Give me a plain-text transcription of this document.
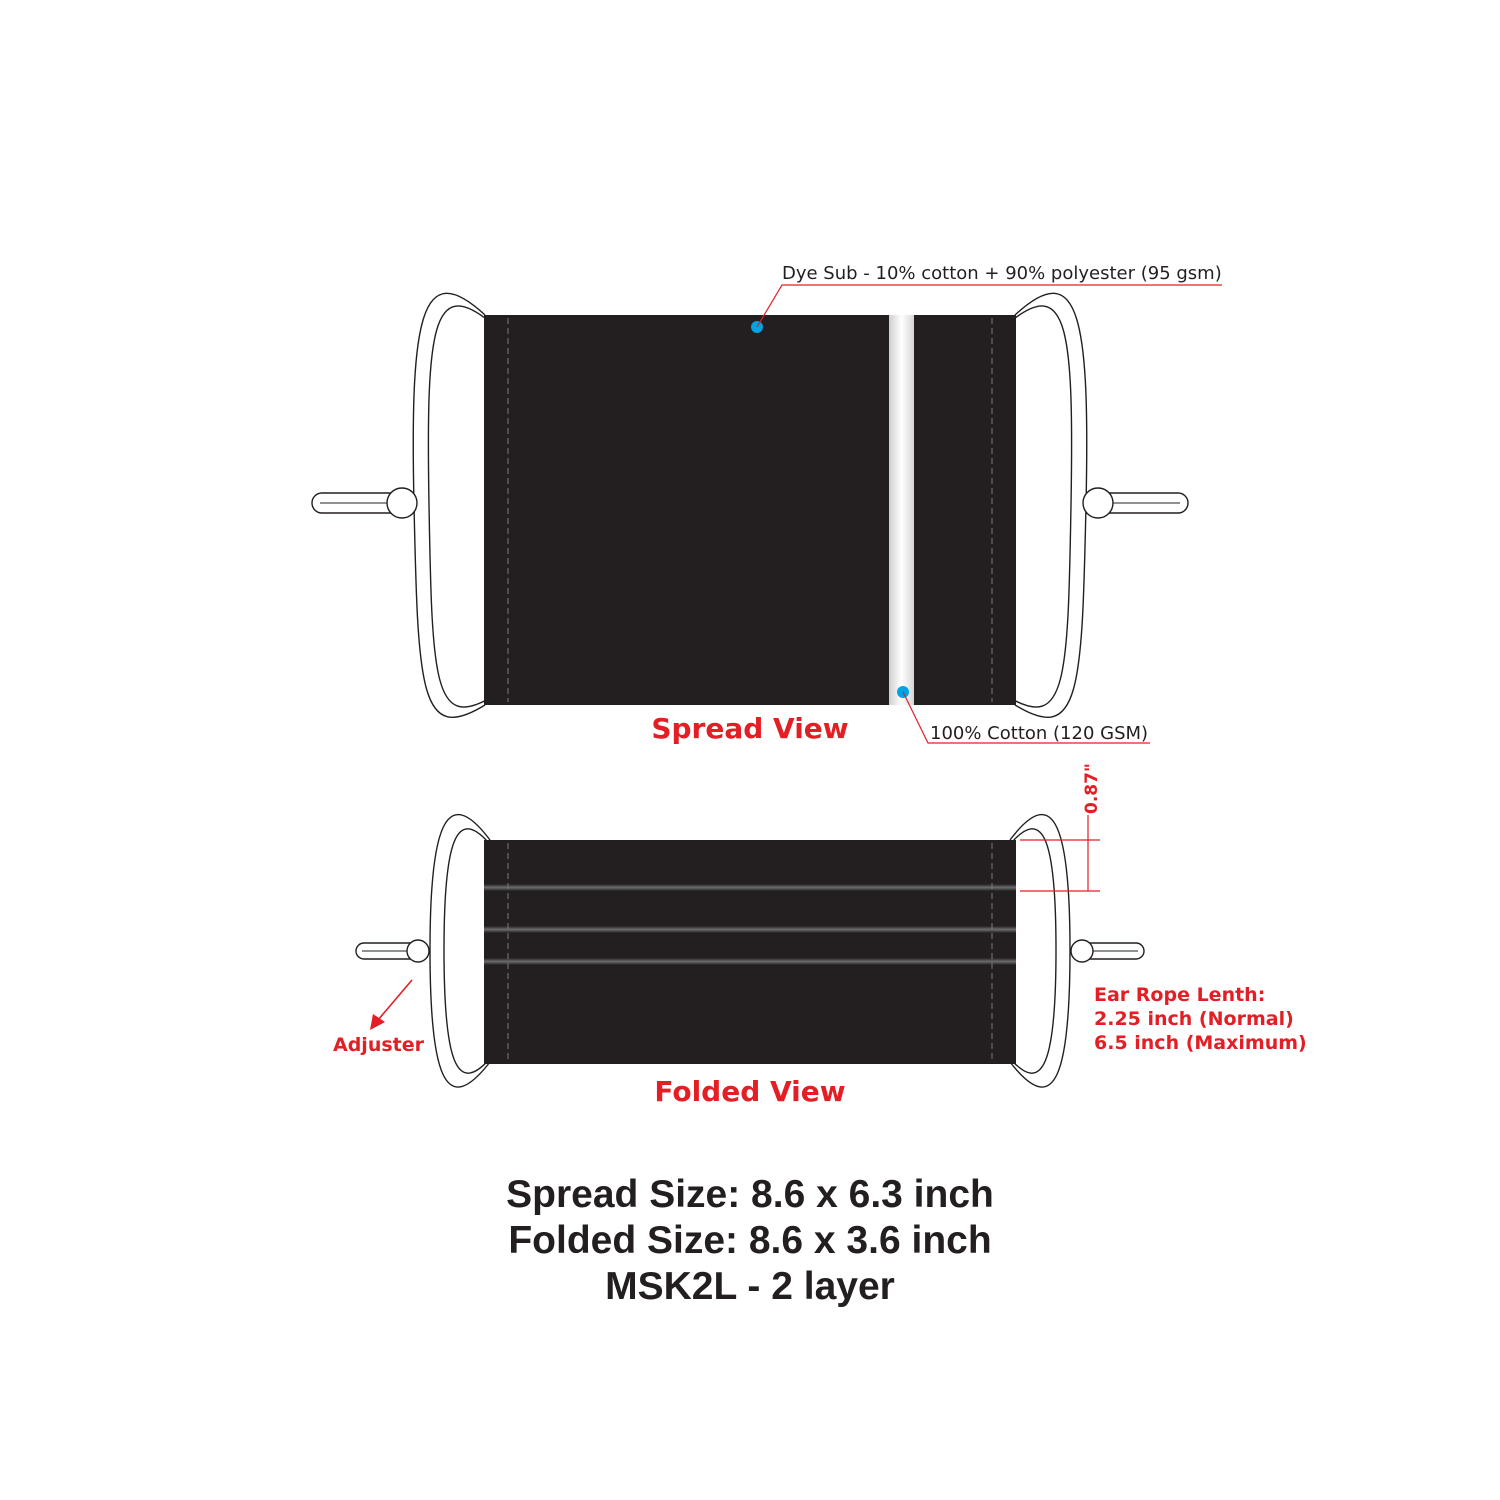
Dye Sub - 10% cotton + 90% polyester (95 gsm)
100% Cotton (120 GSM)
Spread View
0.87"
Adjuster
Ear Rope Lenth:
2.25 inch (Normal)
6.5 inch (Maximum)
Folded View
Spread Size: 8.6 x 6.3 inch
Folded Size: 8.6 x 3.6 inch
MSK2L - 2 layer
